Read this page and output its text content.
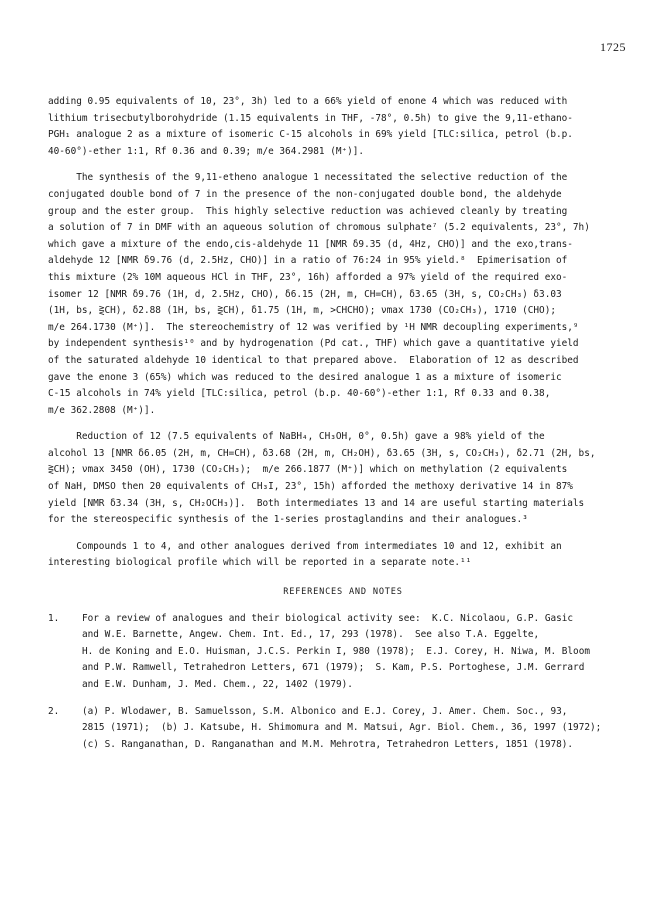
1725
adding 0.95 equivalents of 10, 23°, 3h) led to a 66% yield of enone 4 which was reduced with
lithium trisecbutylborohydride (1.15 equivalents in THF, -78°, 0.5h) to give the 9,11-ethano-
PGH₁ analogue 2 as a mixture of isomeric C-15 alcohols in 69% yield [TLC:silica, petrol (b.p.
40-60°)-ether 1:1, Rf 0.36 and 0.39; m/e 364.2981 (M⁺)].
The synthesis of the 9,11-etheno analogue 1 necessitated the selective reduction of the
conjugated double bond of 7 in the presence of the non-conjugated double bond, the aldehyde
group and the ester group.  This highly selective reduction was achieved cleanly by treating
a solution of 7 in DMF with an aqueous solution of chromous sulphate⁷ (5.2 equivalents, 23°, 7h)
which gave a mixture of the endo,cis-aldehyde 11 [NMR δ9.35 (d, 4Hz, CHO)] and the exo,trans-
aldehyde 12 [NMR δ9.76 (d, 2.5Hz, CHO)] in a ratio of 76:24 in 95% yield.⁸  Epimerisation of
this mixture (2% 10M aqueous HCl in THF, 23°, 16h) afforded a 97% yield of the required exo-
isomer 12 [NMR δ9.76 (1H, d, 2.5Hz, CHO), δ6.15 (2H, m, CH=CH), δ3.65 (3H, s, CO₂CH₃) δ3.03
(1H, bs, ⋛CH), δ2.88 (1H, bs, ⋛CH), δ1.75 (1H, m, >CHCHO); νmax 1730 (CO₂CH₃), 1710 (CHO);
m/e 264.1730 (M⁺)].  The stereochemistry of 12 was verified by ¹H NMR decoupling experiments,⁹
by independent synthesis¹⁰ and by hydrogenation (Pd cat., THF) which gave a quantitative yield
of the saturated aldehyde 10 identical to that prepared above.  Elaboration of 12 as described
gave the enone 3 (65%) which was reduced to the desired analogue 1 as a mixture of isomeric
C-15 alcohols in 74% yield [TLC:silica, petrol (b.p. 40-60°)-ether 1:1, Rf 0.33 and 0.38,
m/e 362.2808 (M⁺)].
Reduction of 12 (7.5 equivalents of NaBH₄, CH₃OH, 0°, 0.5h) gave a 98% yield of the
alcohol 13 [NMR δ6.05 (2H, m, CH=CH), δ3.68 (2H, m, CH₂OH), δ3.65 (3H, s, CO₂CH₃), δ2.71 (2H, bs,
⋛CH); νmax 3450 (OH), 1730 (CO₂CH₃);  m/e 266.1877 (M⁺)] which on methylation (2 equivalents
of NaH, DMSO then 20 equivalents of CH₃I, 23°, 15h) afforded the methoxy derivative 14 in 87%
yield [NMR δ3.34 (3H, s, CH₂OCH₃)].  Both intermediates 13 and 14 are useful starting materials
for the stereospecific synthesis of the 1-series prostaglandins and their analogues.³
Compounds 1 to 4, and other analogues derived from intermediates 10 and 12, exhibit an
interesting biological profile which will be reported in a separate note.¹¹
REFERENCES AND NOTES
1.	For a review of analogues and their biological activity see:  K.C. Nicolaou, G.P. Gasic
and W.E. Barnette, Angew. Chem. Int. Ed., 17, 293 (1978).  See also T.A. Eggelte,
H. de Koning and E.O. Huisman, J.C.S. Perkin I, 980 (1978);  E.J. Corey, H. Niwa, M. Bloom
and P.W. Ramwell, Tetrahedron Letters, 671 (1979);  S. Kam, P.S. Portoghese, J.M. Gerrard
and E.W. Dunham, J. Med. Chem., 22, 1402 (1979).
2.	(a) P. Wlodawer, B. Samuelsson, S.M. Albonico and E.J. Corey, J. Amer. Chem. Soc., 93,
2815 (1971);  (b) J. Katsube, H. Shimomura and M. Matsui, Agr. Biol. Chem., 36, 1997 (1972);
(c) S. Ranganathan, D. Ranganathan and M.M. Mehrotra, Tetrahedron Letters, 1851 (1978).
